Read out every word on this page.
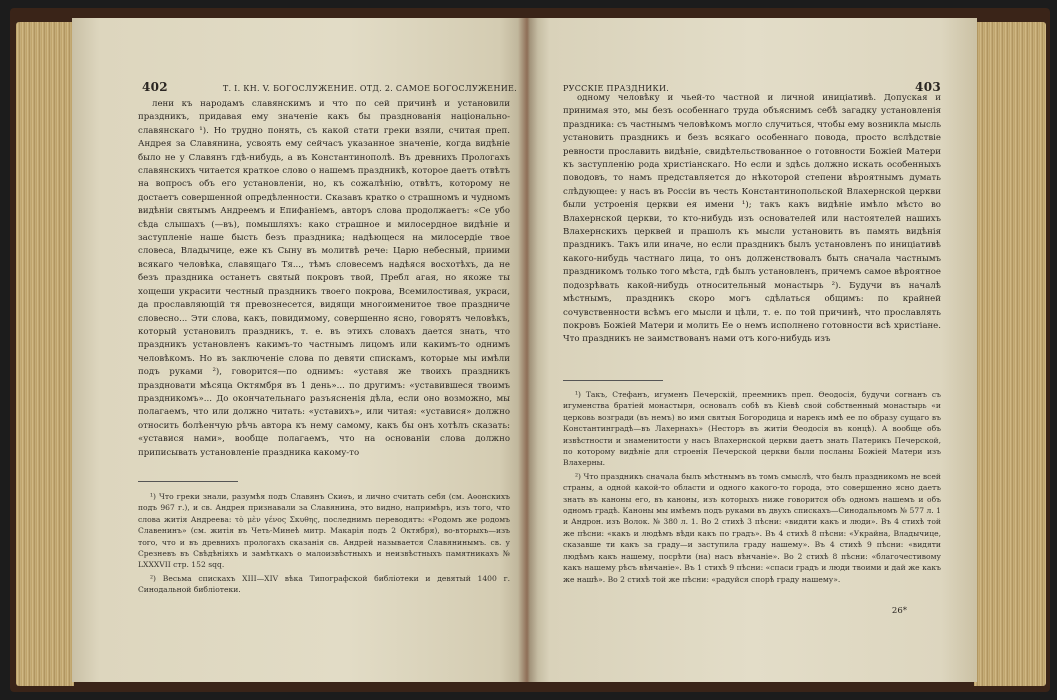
402	Т. I. КН. V. БОГОСЛУЖЕНИЕ. ОТД. 2. САМОЕ БОГОСЛУЖЕНИЕ.

лени къ народамъ славянскимъ и что по сей причинѣ и установили праздникъ, придавая ему значеніе какъ бы празднованія національно-славянскаго ¹). Но трудно понять, съ какой стати греки взяли, считая преп. Андрея за Славянина, усвоять ему сейчасъ указанное значеніе, когда видѣніе было не у Славянъ гдѣ-нибудь, а въ Константинополѣ. Въ древнихъ Прологахъ славянскихъ читается краткое слово о нашемъ праздникѣ, которое даетъ отвѣтъ на вопросъ объ его установленіи, но, къ сожалѣнію, отвѣтъ, которому не достаетъ совершенной опредѣленности. Сказавъ кратко о страшномъ и чудномъ видѣніи святымъ Андреемъ и Епифаніемъ, авторъ слова продолжаетъ: «Се убо сѣда слышахъ (—въ), помышляхъ: како страшное и милосердное видѣніе и заступленіе наше бысть безъ праздника; надѣющеся на милосердіе твое словеса, Владычице, еже къ Сыну въ молитвѣ рече: Царю небесный, приими всякаго человѣка, славящаго Тя..., тѣмъ словесемъ надѣяся восхотѣхъ, да не безъ праздника останетъ святый покровъ твой, Пребл агая, но якоже ты хощеши украсити честный праздникъ твоего покрова, Всемилостивая, украси, да прославляющій тя превознесется, видящи многоименитое твое праздниче словесно... Эти слова, какъ, повидимому, совершенно ясно, говорятъ человѣкъ, который установилъ праздникъ, т. е. въ этихъ словахъ дается знать, что праздникъ установленъ какимъ-то частнымъ лицомъ или какимъ-то однимъ человѣкомъ. Но въ заключеніе слова по девяти спискамъ, которые мы имѣли подъ руками ²), говорится—по однимъ: «уставя же твоихъ праздникъ праздновати мѣсяца Октямбря въ 1 день»... по другимъ: «уставившеся твоимъ праздникомъ»... До окончательнаго разъясненія дѣла, если оно возможно, мы полагаемъ, что или должно читать: «уставихъ», или читая: «уставися» должно относить болѣенчую рѣчь автора къ нему самому, какъ бы онъ хотѣлъ сказать: «уставися нами», вообще полагаемъ, что на основаніи слова должно приписывать установленіе праздника какому-то

¹) Что греки знали, разумѣя подъ Славянъ Скиѳъ, и лично считать себя (см. Аѳонскихъ подъ 967 г.), и св. Андрея признавали за Славянина, это видно, напримѣръ, изъ того, что слова житія Андреева: τὸ μὲν γένος Σκυθης, последнимъ переводятъ: «Родомъ же родомъ Славенинъ» (см. житія въ Четь-Минеѣ митр. Макарія подъ 2 Октября), во-вторыхъ—изъ того, что и въ древнихъ прологахъ сказанія св. Андрей называется Славянинымъ. св. у Срезневъ въ Свѣдѣніяхъ и замѣткахъ о малоизвѣстныхъ и неизвѣстныхъ памятникахъ № LXXXVII стр. 152 sqq.

²) Весьма спискахъ XIII—XIV вѣка Типографской библіотеки и девятый 1400 г. Синодальной библіотеки.

РУССКІЕ ПРАЗДНИКИ.	403

одному человѣку и чьей-то частной и личной иниціативѣ. Допуская и принимая это, мы безъ особеннаго труда объяснимъ себѣ загадку установленія праздника: съ частнымъ человѣкомъ могло случиться, чтобы ему возникла мысль установить праздникъ и безъ всякаго особеннаго повода, просто вслѣдствіе ревности прославить видѣніе, свидѣтельствованное о готовности Божіей Матери къ заступленію рода христіанскаго. Но если и здѣсь должно искать особенныхъ поводовъ, то намъ представляется до нѣкоторой степени вѣроятнымъ думать слѣдующее: у насъ въ Россіи въ честь Константинопольской Влахернской церкви были устроенія церкви ея имени ¹); такъ какъ видѣніе имѣло мѣсто во Влахернской церкви, то кто-нибудь изъ основателей или настоятелей нашихъ Влахернскихъ церквей и прашолъ къ мысли установить въ память видѣнія праздникъ. Такъ или иначе, но если праздникъ былъ установленъ по иниціативѣ какого-нибудь частнаго лица, то онъ долженствовалъ быть сначала частнымъ праздникомъ только того мѣста, гдѣ былъ установленъ, причемъ самое вѣроятное подозрѣвать какой-нибудь относительный монастырь ²). Будучи въ началѣ мѣстнымъ, праздникъ скоро могъ сдѣлаться общимъ: по крайней сочувственности всѣмъ его мысли и цѣли, т. е. по той причинѣ, что прославлять покровъ Божіей Матери и молить Ее о немъ исполнено готовности всѣ христіане. Что праздникъ не заимствованъ нами отъ кого-нибудь изъ

¹) Такъ, Стефанъ, игуменъ Печерскій, преемникъ преп. Ѳеодосія, будучи согнанъ съ игуменства братіей монастыря, основалъ собѣ въ Кіевѣ свой собственный монастырь «и церковь возгради (въ немъ) во имя святыя Богородица и нарекъ имѣ ее по образу сущаго въ Константинградѣ—въ Лахернахъ» (Несторъ въ житіи Ѳеодосія въ концѣ). А вообще объ извѣстности и знаменитости у насъ Влахернской церкви даетъ знать Патерикъ Печерской, по которому видѣніе для строенія Печерской церкви были посланы Божіей Матери изъ Влахерны.

²) Что праздникъ сначала былъ мѣстнымъ въ томъ смыслѣ, что былъ праздникомъ не всей страны, а одной какой-то области и одного какого-то города, это совершенно ясно даетъ знать въ каноны его, въ каноны, изъ которыхъ ниже говорится объ одномъ нашемъ и объ одномъ градѣ. Каноны мы имѣемъ подъ руками въ двухъ спискахъ—Синодальномъ № 577 л. 1 и Андрон. изъ Волок. № 380 л. 1. Во 2 стихѣ 3 пѣсни: «видяти какъ и люди». Въ 4 стихѣ той же пѣсни: «какъ и людѣмъ вѣди какъ по градъ». Въ 4 стихѣ 8 пѣсни: «Украйна, Владычице, сказавше ти какъ за граду—и заступила граду нашему». Въ 4 стихѣ 9 пѣсни: «видяти людѣмъ какъ нашему, посрѣти (на) насъ вѣнчаніе». Во 2 стихѣ 8 пѣсни: «благочестивому какъ нашему рѣсъ вѣнчаніе». Въ 1 стихѣ 9 пѣсни: «спаси градъ и люди твоими и дай же какъ же нашѣ». Во 2 стихѣ той же пѣсни: «радуйся спорѣ граду нашему».

26*
